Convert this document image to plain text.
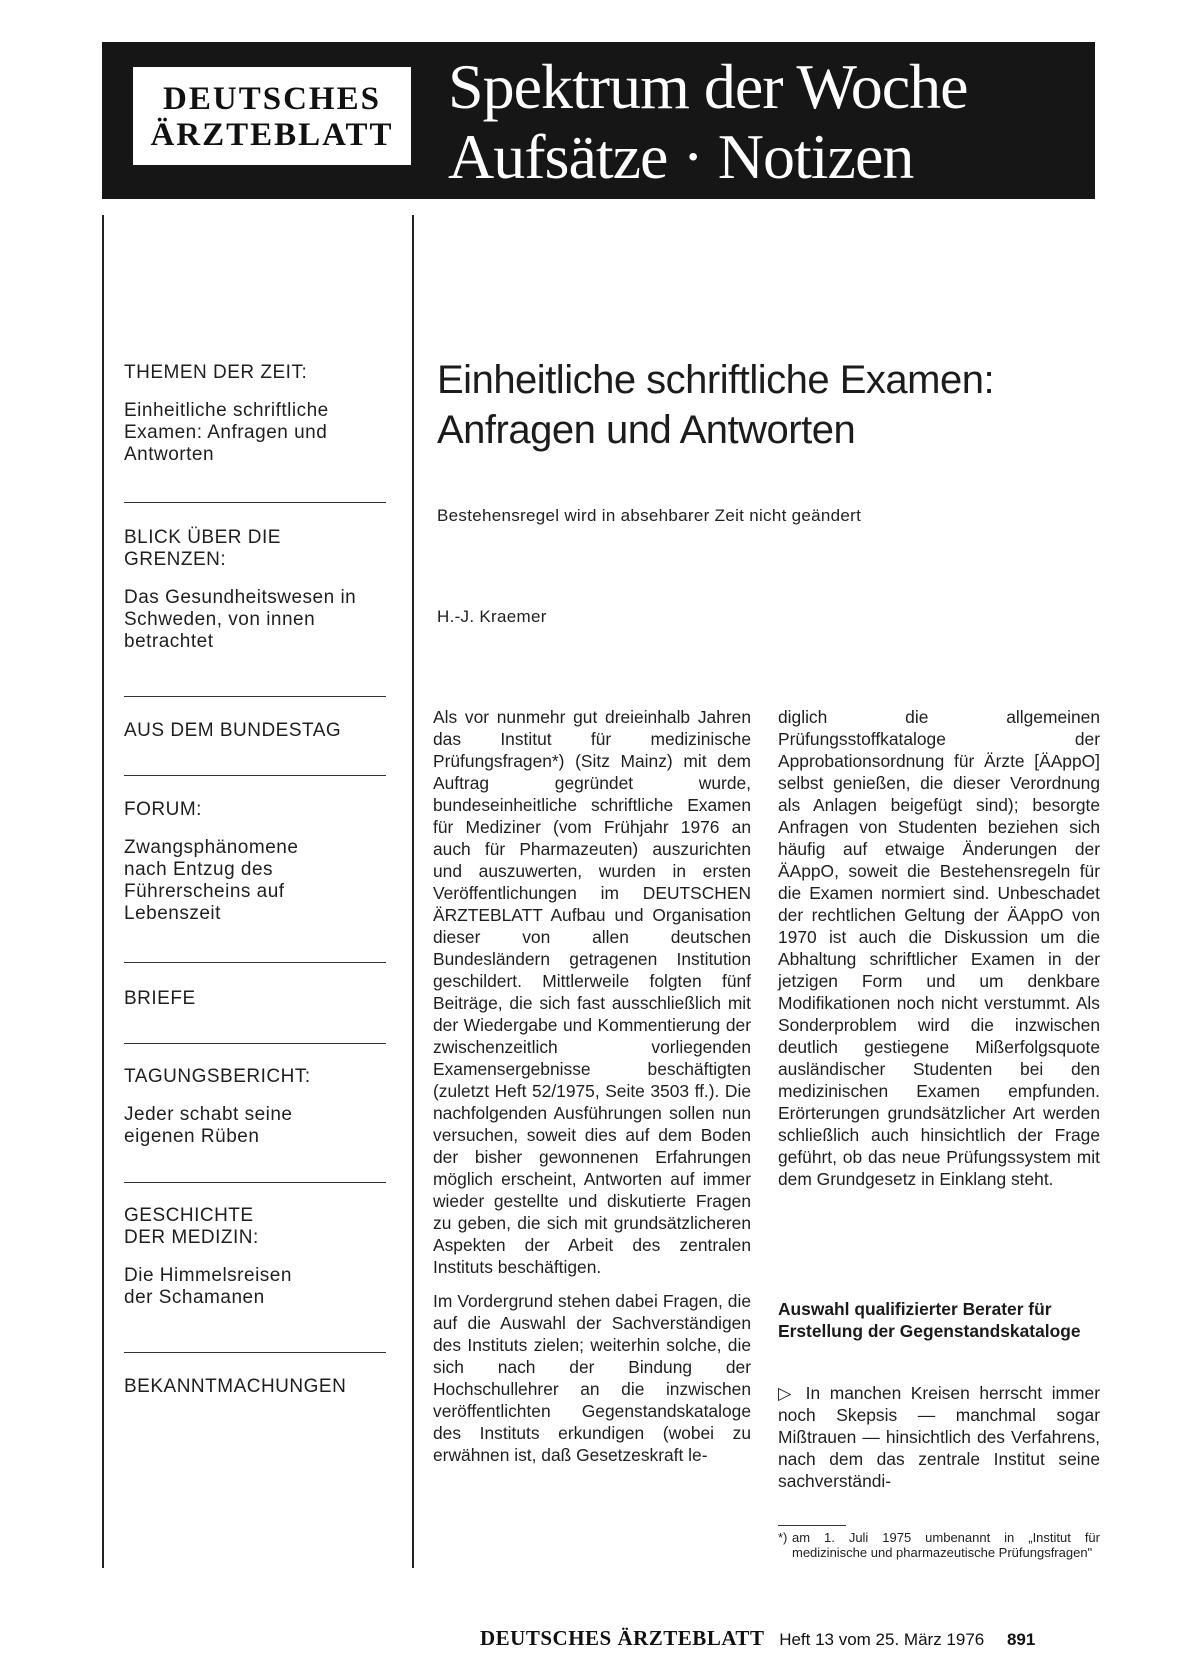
DEUTSCHES
ÄRZTEBLATT
Spektrum der Woche
Aufsätze · Notizen

THEMEN DER ZEIT:

Einheitliche schriftliche Examen: Anfragen und Antworten

BLICK ÜBER DIE GRENZEN:

Das Gesundheitswesen in Schweden, von innen betrachtet

AUS DEM BUNDESTAG

FORUM:

Zwangsphänomene nach Entzug des Führerscheins auf Lebenszeit

BRIEFE

TAGUNGSBERICHT:

Jeder schabt seine eigenen Rüben

GESCHICHTE DER MEDIZIN:

Die Himmelsreisen der Schamanen

BEKANNTMACHUNGEN

Einheitliche schriftliche Examen:
Anfragen und Antworten
Bestehensregel wird in absehbarer Zeit nicht geändert
H.-J. Kraemer

Als vor nunmehr gut dreieinhalb Jahren das Institut für medizinische Prüfungsfragen*) (Sitz Mainz) mit dem Auftrag gegründet wurde, bundeseinheitliche schriftliche Examen für Mediziner (vom Frühjahr 1976 an auch für Pharmazeuten) auszurichten und auszuwerten, wurden in ersten Veröffentlichungen im DEUTSCHEN ÄRZTEBLATT Aufbau und Organisation dieser von allen deutschen Bundesländern getragenen Institution geschildert. Mittlerweile folgten fünf Beiträge, die sich fast ausschließlich mit der Wiedergabe und Kommentierung der zwischenzeitlich vorliegenden Examensergebnisse beschäftigten (zuletzt Heft 52/1975, Seite 3503 ff.). Die nachfolgenden Ausführungen sollen nun versuchen, soweit dies auf dem Boden der bisher gewonnenen Erfahrungen möglich erscheint, Antworten auf immer wieder gestellte und diskutierte Fragen zu geben, die sich mit grundsätzlicheren Aspekten der Arbeit des zentralen Instituts beschäftigen.

Im Vordergrund stehen dabei Fragen, die auf die Auswahl der Sachverständigen des Instituts zielen; weiterhin solche, die sich nach der Bindung der Hochschullehrer an die inzwischen veröffentlichten Gegenstandskataloge des Instituts erkundigen (wobei zu erwähnen ist, daß Gesetzeskraft le-

diglich die allgemeinen Prüfungsstoffkataloge der Approbationsordnung für Ärzte [ÄAppO] selbst genießen, die dieser Verordnung als Anlagen beigefügt sind); besorgte Anfragen von Studenten beziehen sich häufig auf etwaige Änderungen der ÄAppO, soweit die Bestehensregeln für die Examen normiert sind. Unbeschadet der rechtlichen Geltung der ÄAppO von 1970 ist auch die Diskussion um die Abhaltung schriftlicher Examen in der jetzigen Form und um denkbare Modifikationen noch nicht verstummt. Als Sonderproblem wird die inzwischen deutlich gestiegene Mißerfolgsquote ausländischer Studenten bei den medizinischen Examen empfunden. Erörterungen grundsätzlicher Art werden schließlich auch hinsichtlich der Frage geführt, ob das neue Prüfungssystem mit dem Grundgesetz in Einklang steht.

Auswahl qualifizierter Berater für Erstellung der Gegenstandskataloge

▷ In manchen Kreisen herrscht immer noch Skepsis — manchmal sogar Mißtrauen — hinsichtlich des Verfahrens, nach dem das zentrale Institut seine sachverständi-

*) am 1. Juli 1975 umbenannt in „Institut für medizinische und pharmazeutische Prüfungsfragen"
DEUTSCHES ÄRZTEBLATT Heft 13 vom 25. März 1976 891
